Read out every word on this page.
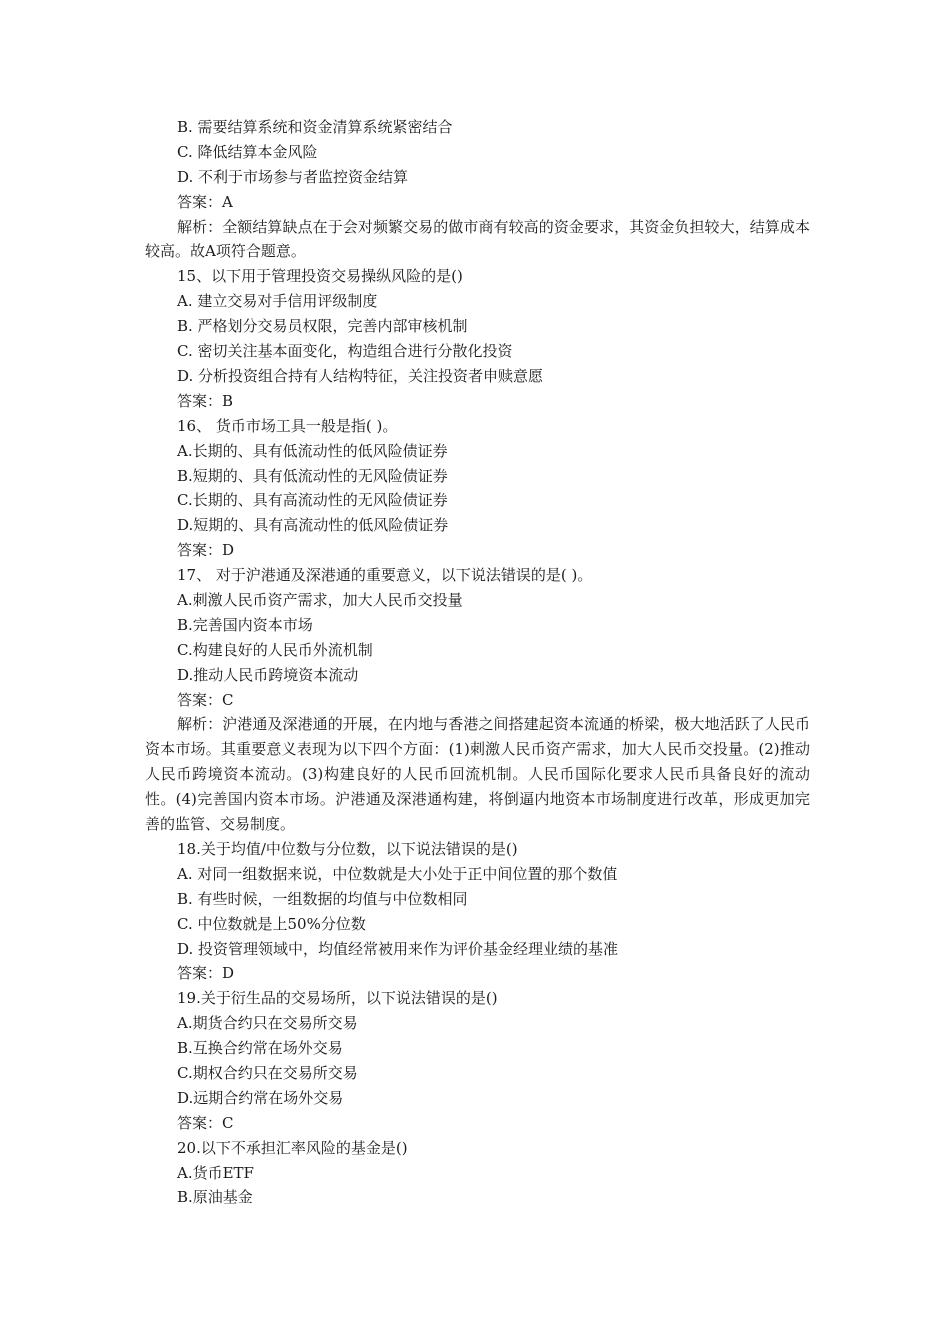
B. 需要结算系统和资金清算系统紧密结合
C. 降低结算本金风险
D. 不利于市场参与者监控资金结算
答案：A
解析：全额结算缺点在于会对频繁交易的做市商有较高的资金要求，其资金负担较大，结算成本较高。故A项符合题意。
15、以下用于管理投资交易操纵风险的是()
A. 建立交易对手信用评级制度
B. 严格划分交易员权限，完善内部审核机制
C. 密切关注基本面变化，构造组合进行分散化投资
D. 分析投资组合持有人结构特征，关注投资者申赎意愿
答案：B
16、 货币市场工具一般是指( )。
A.长期的、具有低流动性的低风险债证券
B.短期的、具有低流动性的无风险债证券
C.长期的、具有高流动性的无风险债证券
D.短期的、具有高流动性的低风险债证券
答案：D
17、 对于沪港通及深港通的重要意义，以下说法错误的是( )。
A.刺激人民币资产需求，加大人民币交投量
B.完善国内资本市场
C.构建良好的人民币外流机制
D.推动人民币跨境资本流动
答案：C
解析：沪港通及深港通的开展，在内地与香港之间搭建起资本流通的桥梁，极大地活跃了人民币资本市场。其重要意义表现为以下四个方面：(1)刺激人民币资产需求，加大人民币交投量。(2)推动人民币跨境资本流动。(3)构建良好的人民币回流机制。人民币国际化要求人民币具备良好的流动性。(4)完善国内资本市场。沪港通及深港通构建，将倒逼内地资本市场制度进行改革，形成更加完善的监管、交易制度。
18.关于均值/中位数与分位数，以下说法错误的是()
A. 对同一组数据来说，中位数就是大小处于正中间位置的那个数值
B. 有些时候，一组数据的均值与中位数相同
C. 中位数就是上50%分位数
D. 投资管理领域中，均值经常被用来作为评价基金经理业绩的基准
答案：D
19.关于衍生品的交易场所，以下说法错误的是()
A.期货合约只在交易所交易
B.互换合约常在场外交易
C.期权合约只在交易所交易
D.远期合约常在场外交易
答案：C
20.以下不承担汇率风险的基金是()
A.货币ETF
B.原油基金
